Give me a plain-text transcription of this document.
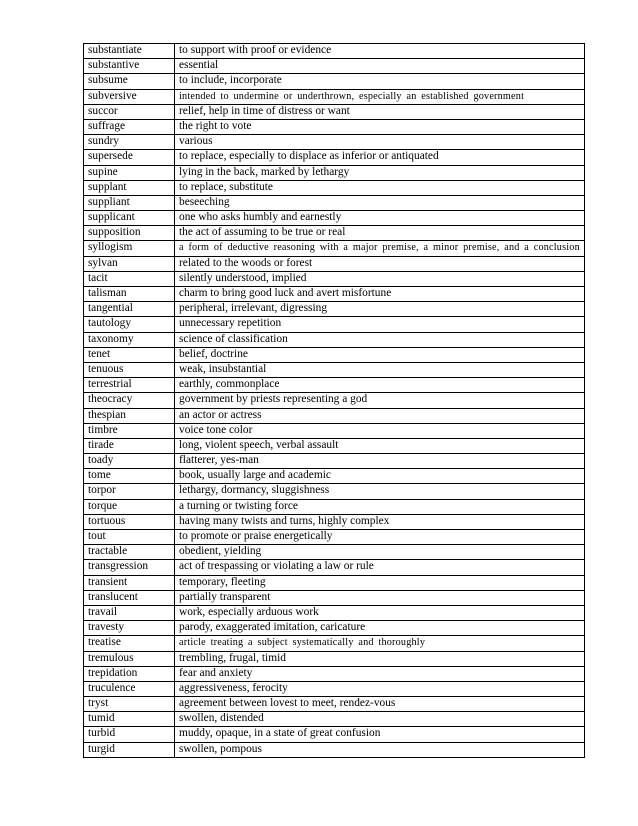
substantiate	to support with proof or evidence
substantive	essential
subsume	to include, incorporate
subversive	intended to undermine or underthrown, especially an established government
succor	relief, help in time of distress or want
suffrage	the right to vote
sundry	various
supersede	to replace, especially to displace as inferior or antiquated
supine	lying in the back, marked by lethargy
supplant	to replace, substitute
suppliant	beseeching
supplicant	one who asks humbly and earnestly
supposition	the act of assuming to be true or real
syllogism	a form of deductive reasoning with a major premise, a minor premise, and a conclusion
sylvan	related to the woods or forest
tacit	silently understood, implied
talisman	charm to bring good luck and avert misfortune
tangential	peripheral, irrelevant, digressing
tautology	unnecessary repetition
taxonomy	science of classification
tenet	belief, doctrine
tenuous	weak, insubstantial
terrestrial	earthly, commonplace
theocracy	government by priests representing a god
thespian	an actor or actress
timbre	voice tone color
tirade	long, violent speech, verbal assault
toady	flatterer, yes-man
tome	book, usually large and academic
torpor	lethargy, dormancy, sluggishness
torque	a turning or twisting force
tortuous	having many twists and turns, highly complex
tout	to promote or praise energetically
tractable	obedient, yielding
transgression	act of trespassing or violating a law or rule
transient	temporary, fleeting
translucent	partially transparent
travail	work, especially arduous work
travesty	parody, exaggerated imitation, caricature
treatise	article treating a subject systematically and thoroughly
tremulous	trembling, frugal, timid
trepidation	fear and anxiety
truculence	aggressiveness, ferocity
tryst	agreement between lovest to meet, rendez-vous
tumid	swollen, distended
turbid	muddy, opaque, in a state of great confusion
turgid	swollen, pompous
